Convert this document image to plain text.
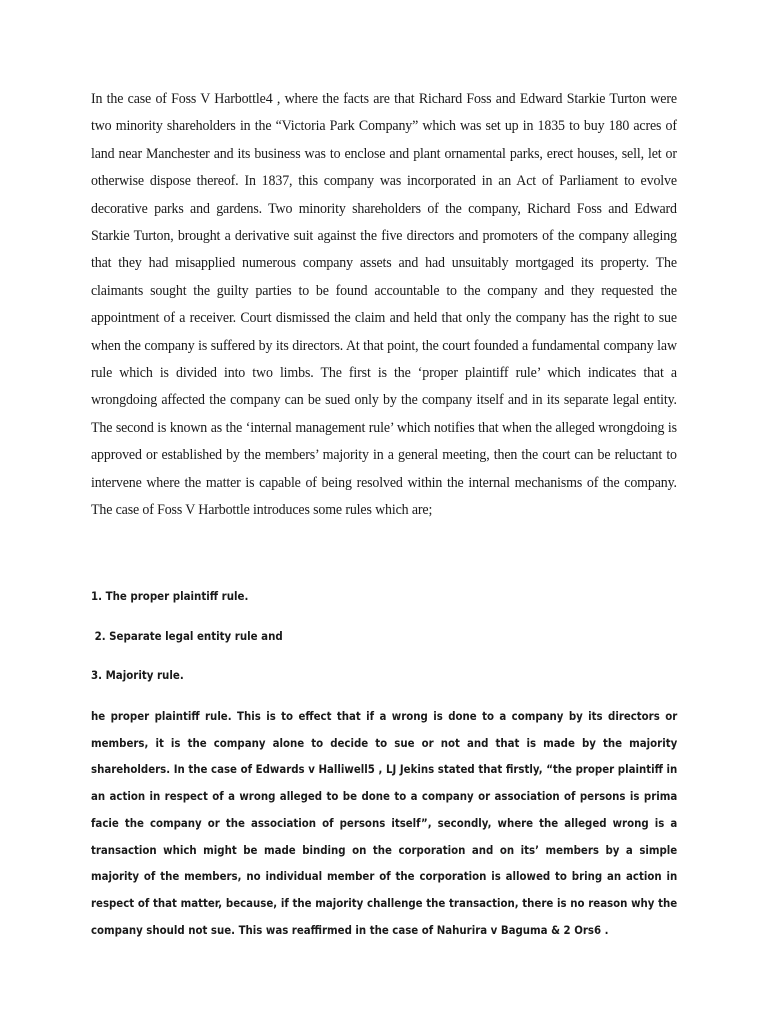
In the case of Foss V Harbottle4 , where the facts are that Richard Foss and Edward Starkie Turton were two minority shareholders in the “Victoria Park Company” which was set up in 1835 to buy 180 acres of land near Manchester and its business was to enclose and plant ornamental parks, erect houses, sell, let or otherwise dispose thereof. In 1837, this company was incorporated in an Act of Parliament to evolve decorative parks and gardens. Two minority shareholders of the company, Richard Foss and Edward Starkie Turton, brought a derivative suit against the five directors and promoters of the company alleging that they had misapplied numerous company assets and had unsuitably mortgaged its property. The claimants sought the guilty parties to be found accountable to the company and they requested the appointment of a receiver. Court dismissed the claim and held that only the company has the right to sue when the company is suffered by its directors. At that point, the court founded a fundamental company law rule which is divided into two limbs. The first is the ‘proper plaintiff rule’ which indicates that a wrongdoing affected the company can be sued only by the company itself and in its separate legal entity. The second is known as the ‘internal management rule’ which notifies that when the alleged wrongdoing is approved or established by the members’ majority in a general meeting, then the court can be reluctant to intervene where the matter is capable of being resolved within the internal mechanisms of the company. The case of Foss V Harbottle introduces some rules which are;

1. The proper plaintiff rule.
2. Separate legal entity rule and
3. Majority rule.

he proper plaintiff rule. This is to effect that if a wrong is done to a company by its directors or members, it is the company alone to decide to sue or not and that is made by the majority shareholders. In the case of Edwards v Halliwell5 , LJ Jekins stated that firstly, “the proper plaintiff in an action in respect of a wrong alleged to be done to a company or association of persons is prima facie the company or the association of persons itself”, secondly, where the alleged wrong is a transaction which might be made binding on the corporation and on its’ members by a simple majority of the members, no individual member of the corporation is allowed to bring an action in respect of that matter, because, if the majority challenge the transaction, there is no reason why the company should not sue. This was reaffirmed in the case of Nahurira v Baguma & 2 Ors6 .
